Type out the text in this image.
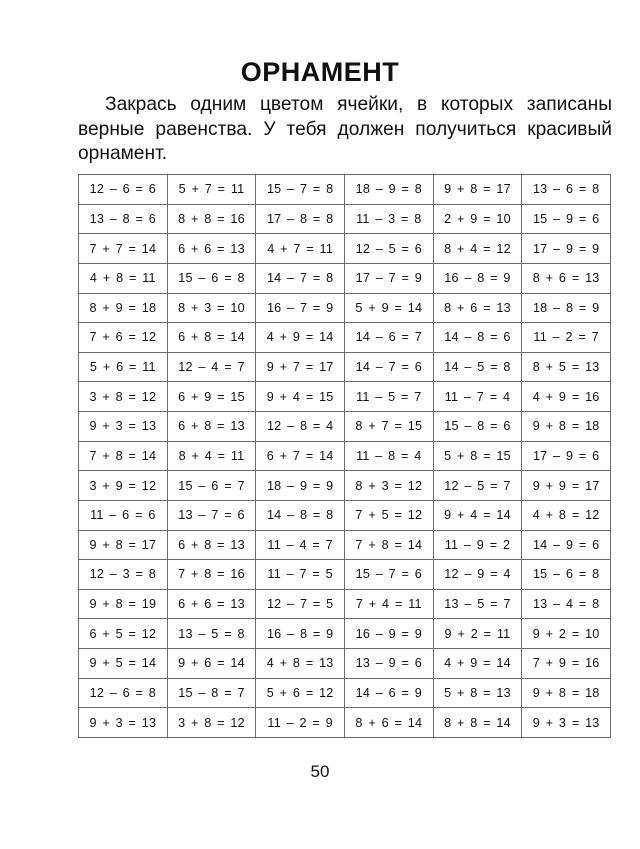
ОРНАМЕНТ
Закрась одним цветом ячейки, в которых записаны верные равенства. У тебя должен получиться красивый орнамент.
12 – 6 = 6	5 + 7 = 11	15 – 7 = 8	18 – 9 = 8	9 + 8 = 17	13 – 6 = 8
13 – 8 = 6	8 + 8 = 16	17 – 8 = 8	11 – 3 = 8	2 + 9 = 10	15 – 9 = 6
7 + 7 = 14	6 + 6 = 13	4 + 7 = 11	12 – 5 = 6	8 + 4 = 12	17 – 9 = 9
4 + 8 = 11	15 – 6 = 8	14 – 7 = 8	17 – 7 = 9	16 – 8 = 9	8 + 6 = 13
8 + 9 = 18	8 + 3 = 10	16 – 7 = 9	5 + 9 = 14	8 + 6 = 13	18 – 8 = 9
7 + 6 = 12	6 + 8 = 14	4 + 9 = 14	14 – 6 = 7	14 – 8 = 6	11 – 2 = 7
5 + 6 = 11	12 – 4 = 7	9 + 7 = 17	14 – 7 = 6	14 – 5 = 8	8 + 5 = 13
3 + 8 = 12	6 + 9 = 15	9 + 4 = 15	11 – 5 = 7	11 – 7 = 4	4 + 9 = 16
9 + 3 = 13	6 + 8 = 13	12 – 8 = 4	8 + 7 = 15	15 – 8 = 6	9 + 8 = 18
7 + 8 = 14	8 + 4 = 11	6 + 7 = 14	11 – 8 = 4	5 + 8 = 15	17 – 9 = 6
3 + 9 = 12	15 – 6 = 7	18 – 9 = 9	8 + 3 = 12	12 – 5 = 7	9 + 9 = 17
11 – 6 = 6	13 – 7 = 6	14 – 8 = 8	7 + 5 = 12	9 + 4 = 14	4 + 8 = 12
9 + 8 = 17	6 + 8 = 13	11 – 4 = 7	7 + 8 = 14	11 – 9 = 2	14 – 9 = 6
12 – 3 = 8	7 + 8 = 16	11 – 7 = 5	15 – 7 = 6	12 – 9 = 4	15 – 6 = 8
9 + 8 = 19	6 + 6 = 13	12 – 7 = 5	7 + 4 = 11	13 – 5 = 7	13 – 4 = 8
6 + 5 = 12	13 – 5 = 8	16 – 8 = 9	16 – 9 = 9	9 + 2 = 11	9 + 2 = 10
9 + 5 = 14	9 + 6 = 14	4 + 8 = 13	13 – 9 = 6	4 + 9 = 14	7 + 9 = 16
12 – 6 = 8	15 – 8 = 7	5 + 6 = 12	14 – 6 = 9	5 + 8 = 13	9 + 8 = 18
9 + 3 = 13	3 + 8 = 12	11 – 2 = 9	8 + 6 = 14	8 + 8 = 14	9 + 3 = 13
50
